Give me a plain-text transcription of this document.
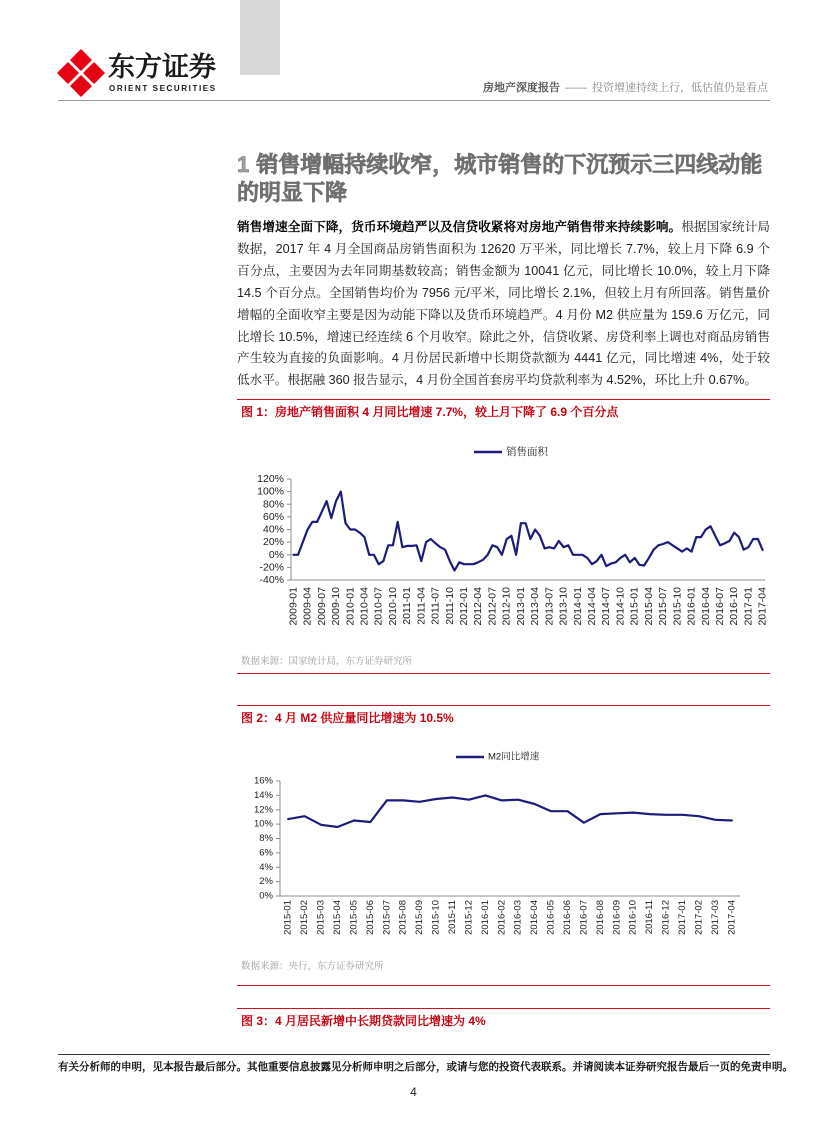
东方证券
ORIENT SECURITIES	房地产深度报告 —— 投资增速持续上行，低估值仍是看点
1 销售增幅持续收窄，城市销售的下沉预示三四线动能的明显下降
销售增速全面下降，货币环境趋严以及信贷收紧将对房地产销售带来持续影响。根据国家统计局数据，2017 年 4 月全国商品房销售面积为 12620 万平米，同比增长 7.7%，较上月下降 6.9 个百分点，主要因为去年同期基数较高；销售金额为 10041 亿元，同比增长 10.0%，较上月下降 14.5 个百分点。全国销售均价为 7956 元/平米，同比增长 2.1%，但较上月有所回落。销售量价增幅的全面收窄主要是因为动能下降以及货币环境趋严。4 月份 M2 供应量为 159.6 万亿元，同比增长 10.5%，增速已经连续 6 个月收窄。除此之外，信贷收紧、房贷利率上调也对商品房销售产生较为直接的负面影响。4 月份居民新增中长期贷款额为 4441 亿元，同比增速 4%，处于较低水平。根据融 360 报告显示，4 月份全国首套房平均贷款利率为 4.52%，环比上升 0.67%。
图 1：房地产销售面积 4 月同比增速 7.7%，较上月下降了 6.9 个百分点
120%
100%
80%
60%
40%
20%
0%
-20%
-40%
2009-01 2009-04 2009-07 2009-10 2010-01 2010-04 2010-07 2010-10 2011-01 2011-04 2011-07 2011-10 2012-01 2012-04 2012-07 2012-10 2013-01 2013-04 2013-07 2013-10 2014-01 2014-04 2014-07 2014-10 2015-01 2015-04 2015-07 2015-10 2016-01 2016-04 2016-07 2016-10 2017-01 2017-04
销售面积
数据来源：国家统计局，东方证券研究所
图 2：4 月 M2 供应量同比增速为 10.5%
16%
14%
12%
10%
8%
6%
4%
2%
0%
2015-01 2015-02 2015-03 2015-04 2015-05 2015-06 2015-07 2015-08 2015-09 2015-10 2015-11 2015-12 2016-01 2016-02 2016-03 2016-04 2016-05 2016-06 2016-07 2016-08 2016-09 2016-10 2016-11 2016-12 2017-01 2017-02 2017-03 2017-04
M2同比增速
数据来源：央行，东方证券研究所
图 3：4 月居民新增中长期贷款同比增速为 4%
有关分析师的申明，见本报告最后部分。其他重要信息披露见分析师申明之后部分，或请与您的投资代表联系。并请阅读本证券研究报告最后一页的免责申明。
4
